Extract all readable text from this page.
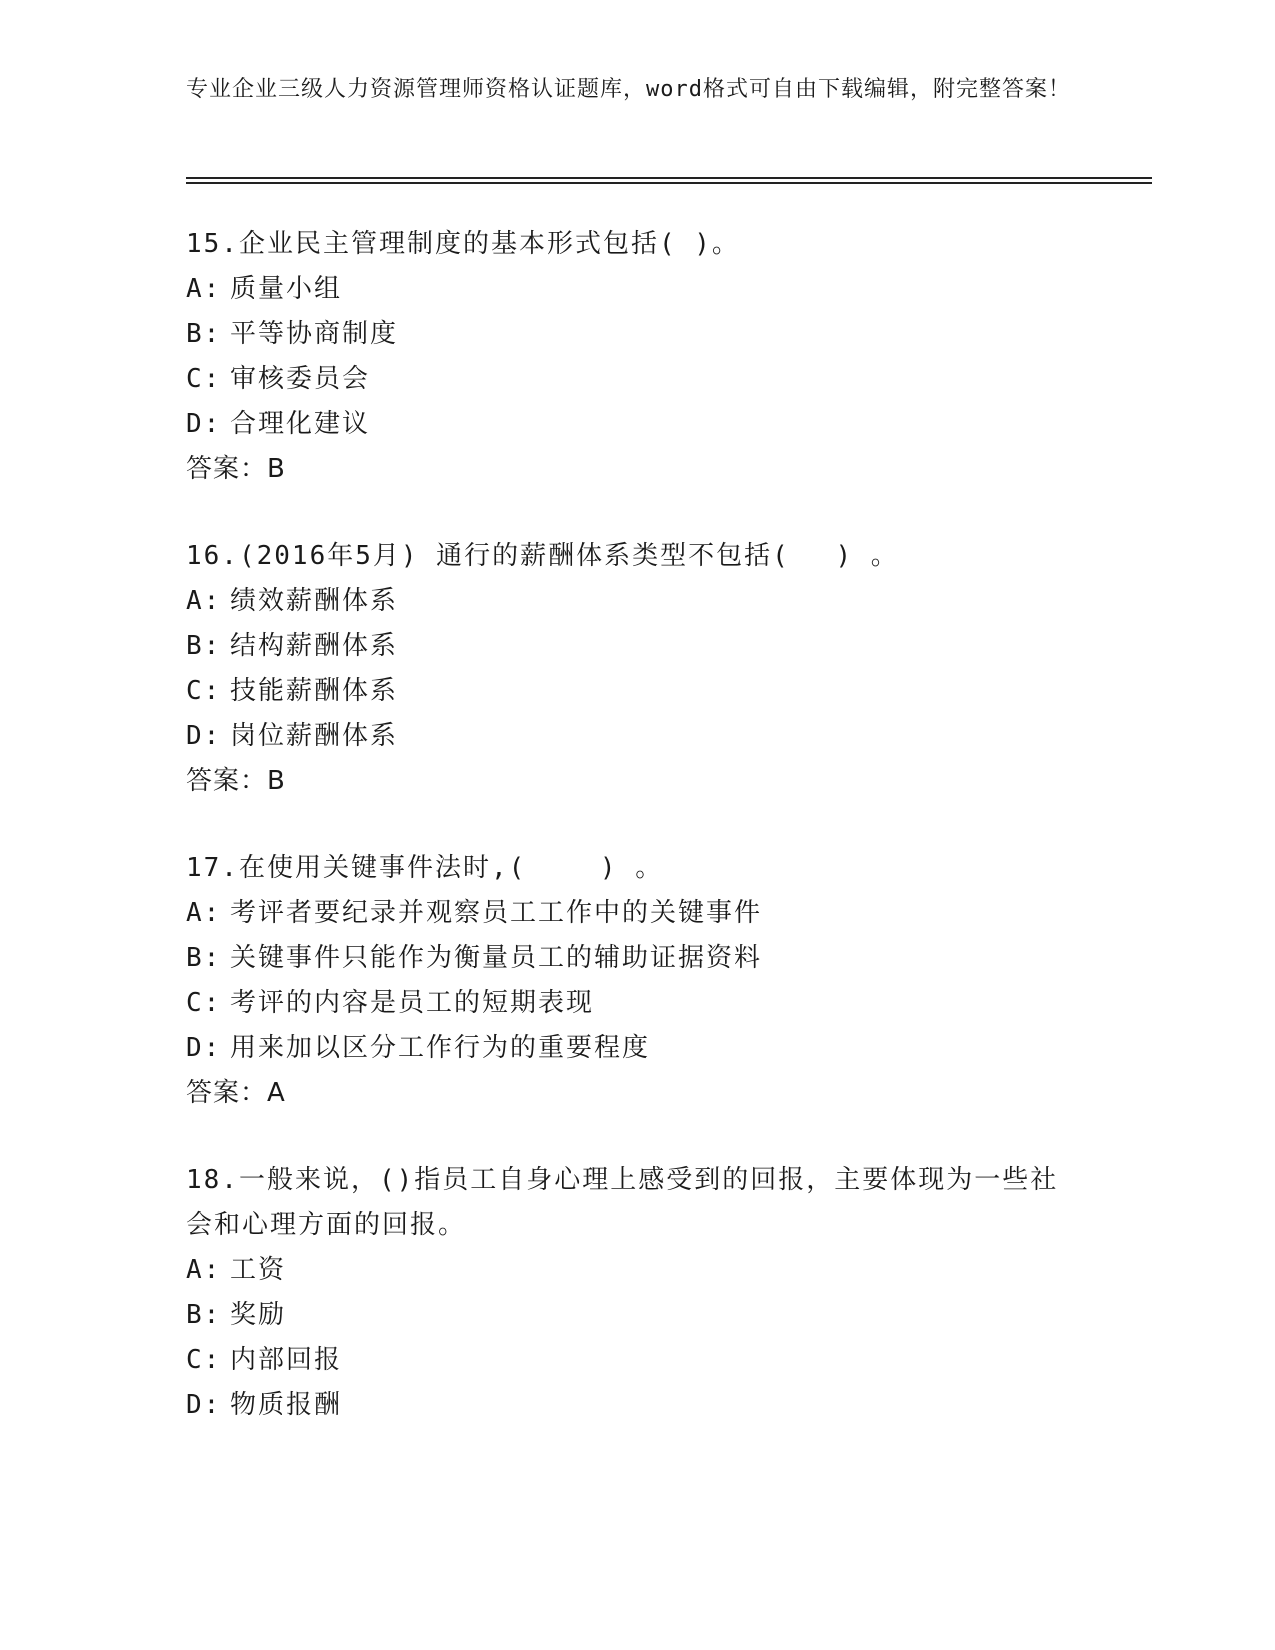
专业企业三级人力资源管理师资格认证题库，word格式可自由下载编辑，附完整答案！

15.企业民主管理制度的基本形式包括( )。

A: 质量小组

B: 平等协商制度

C: 审核委员会

D: 合理化建议

答案：B

16.(2016年5月) 通行的薪酬体系类型不包括(　 ) 。

A: 绩效薪酬体系

B: 结构薪酬体系

C: 技能薪酬体系

D: 岗位薪酬体系

答案：B

17.在使用关键事件法时,(　　 ) 。

A: 考评者要纪录并观察员工工作中的关键事件

B: 关键事件只能作为衡量员工的辅助证据资料

C: 考评的内容是员工的短期表现

D: 用来加以区分工作行为的重要程度

答案：A

18.一般来说，()指员工自身心理上感受到的回报，主要体现为一些社会和心理方面的回报。

A: 工资

B: 奖励

C: 内部回报

D: 物质报酬
